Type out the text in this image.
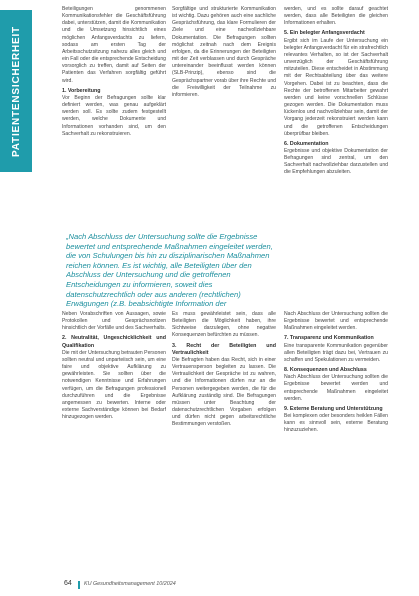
PATIENTENSICHERHEIT

Beteiligungen genommenen Kommunikationsfehler die Geschäftsführung dabei, unterstützen, damit die Kommunikation und die Umsetzung hinsichtlich eines möglichen Anfangsverdachts zu liefern, sodass am ersten Tag der Arbeitsschutzsitzung nahezu alles gleich und ein Fall oder die entsprechende Entscheidung vorsorglich zu treffen, damit auf Seiten der Patienten das Verfahren sorgfältig geführt wird.

1. Vorbereitung

Vor Beginn der Befragungen sollte klar definiert werden, was genau aufgeklärt werden soll. Es sollte zudem festgestellt werden, welche Dokumente und Informationen vorhanden sind, um den Sachverhalt zu rekonstruieren.

Sorgfältige und strukturierte Kommunikation ist wichtig. Dazu gehören auch eine sachliche Gesprächsführung, das klare Formulieren der Ziele und eine nachvollziehbare Dokumentation. Die Befragungen sollten möglichst zeitnah nach dem Ereignis erfolgen, da die Erinnerungen der Beteiligten mit der Zeit verblassen und durch Gespräche untereinander beeinflusst werden können (SLB-Prinzip), ebenso sind die Gesprächspartner vorab über ihre Rechte und die Freiwilligkeit der Teilnahme zu informieren.

werden, und es sollte darauf geachtet werden, dass alle Beteiligten die gleichen Informationen erhalten.

5. Ein belegter Anfangsverdacht

Ergibt sich im Laufe der Untersuchung ein belegter Anfangsverdacht für ein strafrechtlich relevantes Verhalten, so ist der Sachverhalt unverzüglich der Geschäftsführung mitzuteilen. Diese entscheidet in Abstimmung mit der Rechtsabteilung über das weitere Vorgehen. Dabei ist zu beachten, dass die Rechte der betroffenen Mitarbeiter gewahrt werden und keine vorschnellen Schlüsse gezogen werden. Die Dokumentation muss lückenlos und nachvollziehbar sein, damit der Vorgang jederzeit rekonstruiert werden kann und die getroffenen Entscheidungen überprüfbar bleiben.

6. Dokumentation

Ergebnisse und objektive Dokumentation der Befragungen sind zentral, um den Sachverhalt nachvollziehbar darzustellen und die Empfehlungen abzuleiten.

„Nach Abschluss der Untersuchung sollte die Ergebnisse bewertet und entsprechende Maßnahmen eingeleitet werden, die von Schulungen bis hin zu disziplinarischen Maßnahmen reichen können. Es ist wichtig, alle Beteiligten über den Abschluss der Untersuchung und die getroffenen Entscheidungen zu informieren, soweit dies datenschutzrechtlich oder aus anderen (rechtlichen) Erwägungen (z.B. beabsichtigte Information der

Neben Vorabschriften von Aussagen, sowie Protokollen und Gesprächsnotizen hinsichtlich der Vorfälle und des Sachverhalts.

2. Neutralität, Ungeschicklichkeit und Qualifikation

Die mit der Untersuchung betrauten Personen sollten neutral und unparteiisch sein, um eine faire und objektive Aufklärung zu gewährleisten. Sie sollten über die notwendigen Kenntnisse und Erfahrungen verfügen, um die Befragungen professionell durchzuführen und die Ergebnisse angemessen zu bewerten. Interne oder externe Sachverständige können bei Bedarf hinzugezogen werden.

Es muss gewährleistet sein, dass alle Beteiligten die Möglichkeit haben, ihre Sichtweise darzulegen, ohne negative Konsequenzen befürchten zu müssen.

3. Recht der Beteiligten und Vertraulichkeit

Die Befragten haben das Recht, sich in einer Vertrauensperson begleiten zu lassen. Die Vertraulichkeit der Gespräche ist zu wahren, und die Informationen dürfen nur an die Personen weitergegeben werden, die für die Aufklärung zuständig sind. Die Befragungen müssen unter Beachtung der datenschutzrechtlichen Vorgaben erfolgen und dürfen nicht gegen arbeitsrechtliche Bestimmungen verstoßen.

Nach Abschluss der Untersuchung sollten die Ergebnisse bewertet und entsprechende Maßnahmen eingeleitet werden.

7. Transparenz und Kommunikation

Eine transparente Kommunikation gegenüber allen Beteiligten trägt dazu bei, Vertrauen zu schaffen und Spekulationen zu vermeiden.

8. Konsequenzen und Abschluss

Nach Abschluss der Untersuchung sollten die Ergebnisse bewertet werden und entsprechende Maßnahmen eingeleitet werden.

9. Externe Beratung und Unterstützung

Bei komplexen oder besonders heiklen Fällen kann es sinnvoll sein, externe Beratung hinzuzuziehen.

64 KU Gesundheitsmanagement 10/2024
